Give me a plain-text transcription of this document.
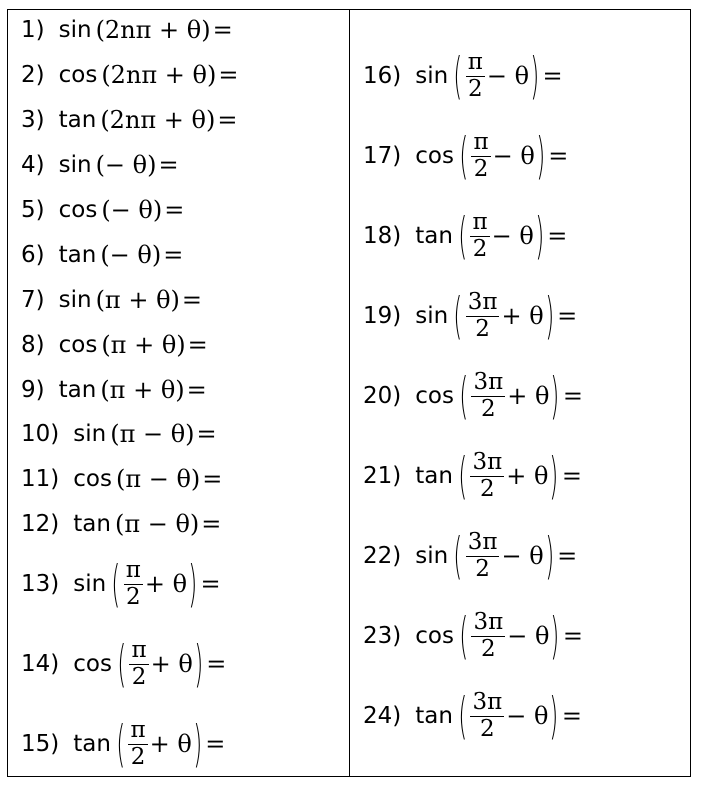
1) sin (2nπ + θ) =
2) cos (2nπ + θ) =
3) tan (2nπ + θ) =
4) sin (− θ) =
5) cos (− θ) =
6) tan (− θ) =
7) sin (π + θ) =
8) cos (π + θ) =
9) tan (π + θ) =
10) sin (π − θ) =
11) cos (π − θ) =
12) tan (π − θ) =
13) sin ( $\frac{\pi}{2} + \theta$ ) =
14) cos ( $\frac{\pi}{2} + \theta$ ) =
15) tan ( $\frac{\pi}{2} + \theta$ ) =
16) sin ( $\frac{\pi}{2} - \theta$ ) =
17) cos ( $\frac{\pi}{2} - \theta$ ) =
18) tan ( $\frac{\pi}{2} - \theta$ ) =
19) sin ( $\frac{3\pi}{2} + \theta$ ) =
20) cos ( $\frac{3\pi}{2} + \theta$ ) =
21) tan ( $\frac{3\pi}{2} + \theta$ ) =
22) sin ( $\frac{3\pi}{2} - \theta$ ) =
23) cos ( $\frac{3\pi}{2} - \theta$ ) =
24) tan ( $\frac{3\pi}{2} - \theta$ ) =
